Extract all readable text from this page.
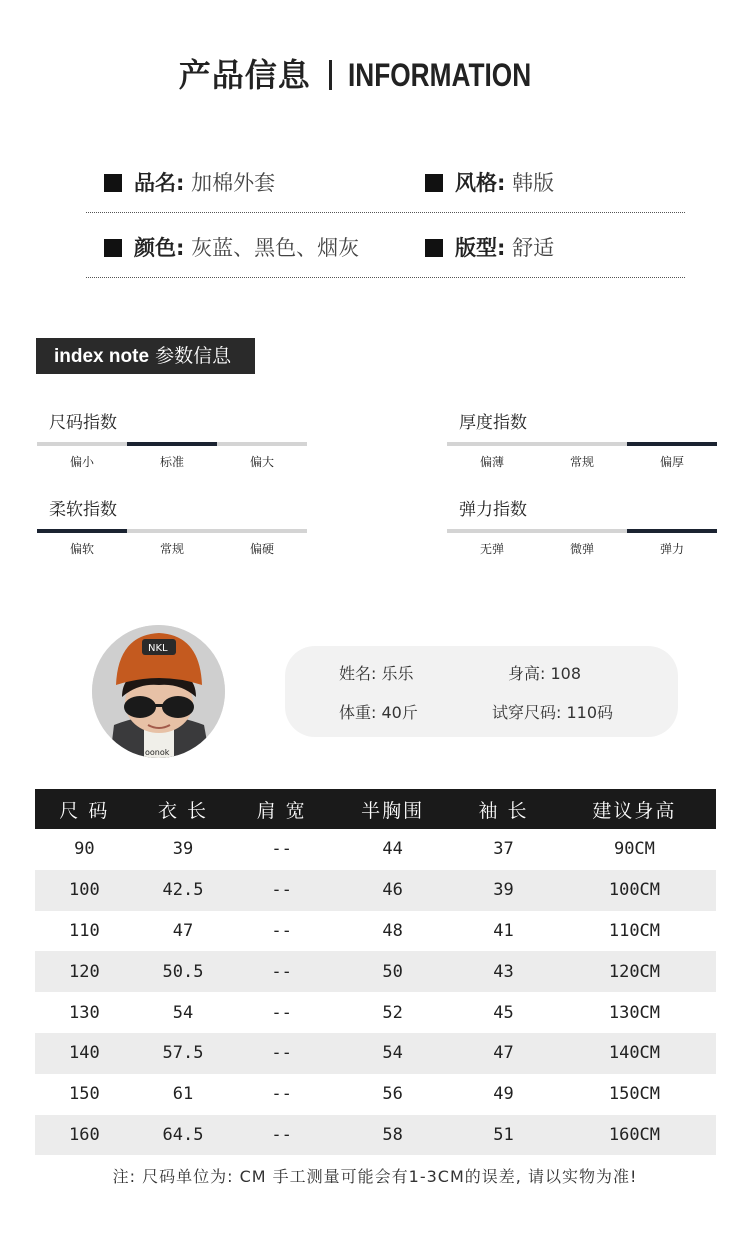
产品信息 INFORMATION
品名: 加棉外套	风格: 韩版
颜色: 灰蓝、黑色、烟灰	版型: 舒适
index note 参数信息
尺码指数
偏小	标准	偏大
厚度指数
偏薄	常规	偏厚
柔软指数
偏软	常规	偏硬
弹力指数
无弹	微弹	弹力
oonok
NKL
姓名: 乐乐	身高: 108
体重: 40斤	试穿尺码: 110码
尺 码	衣 长	肩 宽	半胸围	袖 长	建议身高
90	39	--	44	37	90CM
100	42.5	--	46	39	100CM
110	47	--	48	41	110CM
120	50.5	--	50	43	120CM
130	54	--	52	45	130CM
140	57.5	--	54	47	140CM
150	61	--	56	49	150CM
160	64.5	--	58	51	160CM
注: 尺码单位为: CM 手工测量可能会有1-3CM的误差, 请以实物为准!
